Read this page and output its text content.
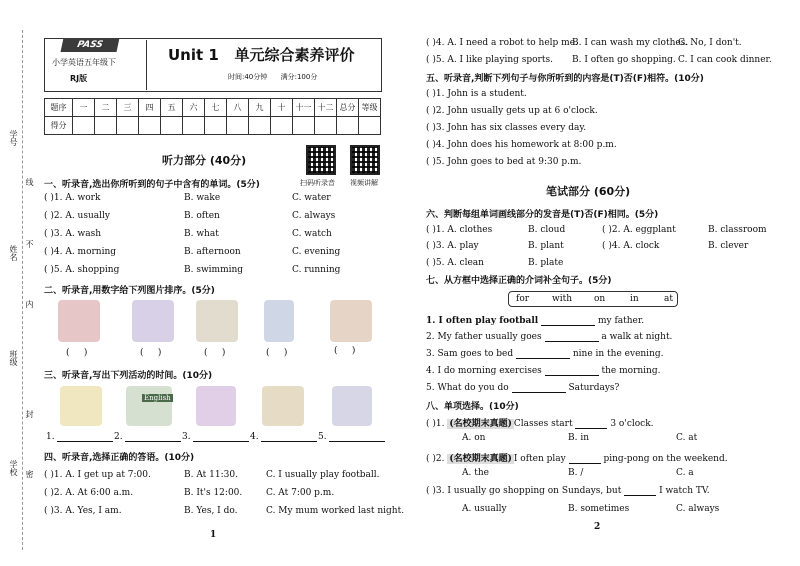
学号
姓名
班级
学校
不
内
线
封
密
PASS
小学英语五年级下
RJ版
Unit 1   单元综合素养评价
时间:40分钟      满分:100分
题序	一	二	三	四	五	六	七	八	九	十	十一	十二	总分	等级
得分														
听力部分 (40分)
扫码听录音 视频讲解
一、听录音,选出你所听到的句子中含有的单词。(5分)
( )1. A. work	B. wake	C. water
( )2. A. usually	B. often	C. always
( )3. A. wash	B. what	C. watch
( )4. A. morning	B. afternoon	C. evening
( )5. A. shopping	B. swimming	C. running
二、听录音,用数字给下列图片排序。(5分)
(     )	(     )	(     )	(     )	(     )
三、听录音,写出下列活动的时间。(10分)
English
1.	2.	3.	4.	5.
四、听录音,选择正确的答语。(10分)
( )1. A. I get up at 7:00.	B. At 11:30.	C. I usually play football.
( )2. A. At 6:00 a.m.	B. It's 12:00.	C. At 7:00 p.m.
( )3. A. Yes, I am.	B. Yes, I do.	C. My mum worked last night.
1
( )4. A. I need a robot to help me.
B. I can wash my clothes.
C. No, I don't.
( )5. A. I like playing sports. B. I often go shopping. C. I can cook dinner.
五、听录音,判断下列句子与你所听到的内容是(T)否(F)相符。(10分)
( )1. John is a student.
( )2. John usually gets up at 6 o'clock.
( )3. John has six classes every day.
( )4. John does his homework at 8:00 p.m.
( )5. John goes to bed at 9:30 p.m.
笔试部分 (60分)
六、判断每组单词画线部分的发音是(T)否(F)相同。(5分)
( )1. A. clothes	B. cloud	( )2. A. eggplant	B. classroom
( )3. A. play	B. plant	( )4. A. clock	B. clever
( )5. A. clean	B. plate
七、从方框中选择正确的介词补全句子。(5分)
for	with on	in	at
1. I often play football	my father.
2. My father usually goes	a walk at night.
3. Sam goes to bed	nine in the evening.
4. I do morning exercises	the morning.
5. What do you do	Saturdays?
八、单项选择。(10分)
( )1. (名校期末真题) Classes start	3 o'clock.
A. on	B. in	C. at
( )2. (名校期末真题) I often play	ping-pong on the weekend.
A. the	B. /	C. a
( )3. I usually go shopping on Sundays, but	I watch TV.
A. usually	B. sometimes	C. always
2
